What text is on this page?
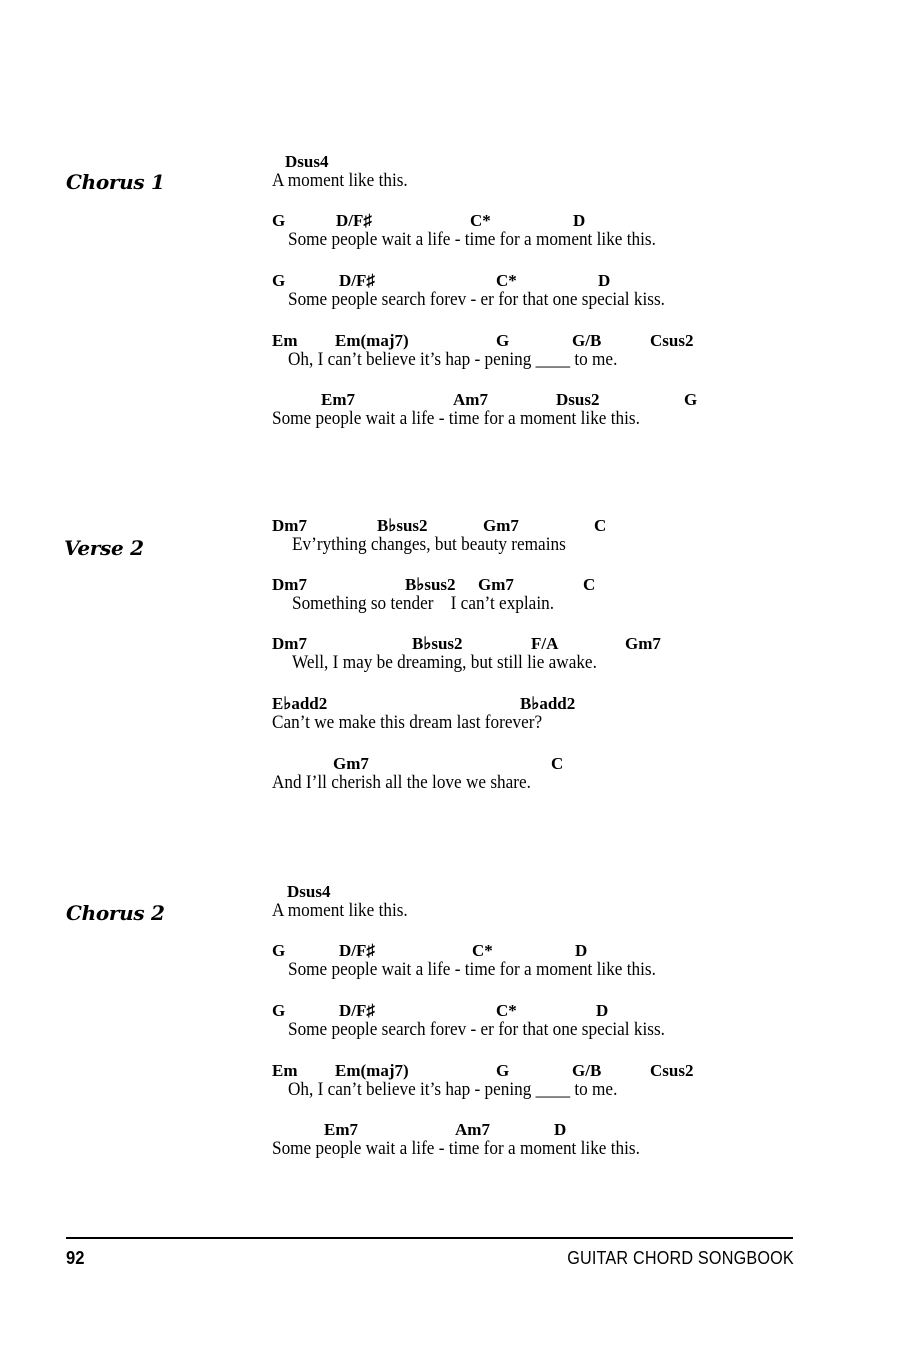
Chorus 1
Dsus4
A moment like this.
G	D/F♯	C*	D
Some people wait a life - time for a moment like this.
G	D/F♯	C*	D
Some people search forev - er for that one special kiss.
Em Em(maj7)	G	G/B	Csus2
Oh, I can’t believe it’s hap - pening ____ to me.
Em7	Am7	Dsus2	G
Some people wait a life - time for a moment like this.
Verse 2
Dm7	B♭sus2	Gm7	C
Ev’rything changes, but beauty remains
Dm7	B♭sus2 Gm7	C
Something so tender    I can’t explain.
Dm7	B♭sus2	F/A	Gm7
Well, I may be dreaming, but still lie awake.
E♭add2	B♭add2
Can’t we make this dream last forever?
Gm7	C
And I’ll cherish all the love we share.
Chorus 2
Dsus4
A moment like this.
G	D/F♯	C*	D
Some people wait a life - time for a moment like this.
G	D/F♯	C*	D
Some people search forev - er for that one special kiss.
Em Em(maj7)	G	G/B	Csus2
Oh, I can’t believe it’s hap - pening ____ to me.
Em7	Am7	D
Some people wait a life - time for a moment like this.
92	GUITAR CHORD SONGBOOK
